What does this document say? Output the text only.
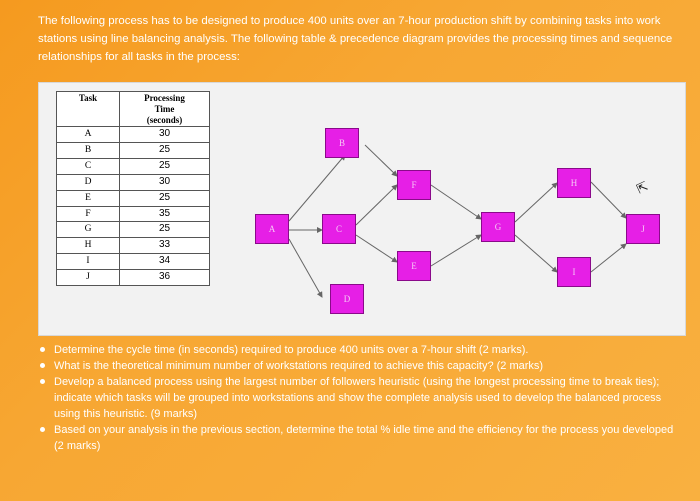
The following process has to be designed to produce 400 units over an 7-hour production shift by combining tasks into work stations using line balancing analysis. The following table & precedence diagram provides the processing times and sequence relationships for all tasks in the process:

Task	Processing
Time
(seconds)

A	30
B	25
C	25
D	30
E	25
F	35
G	25
H	33
I	34
J	36
A
B
C
D
E
F
G
H
I
J
⇱
Determine the cycle time (in seconds) required to produce 400 units over a 7-hour shift (2 marks).
What is the theoretical minimum number of workstations required to achieve this capacity? (2 marks)
Develop a balanced process using the largest number of followers heuristic (using the longest processing time to break ties); indicate which tasks will be grouped into workstations and show the complete analysis used to develop the balanced process using this heuristic. (9 marks)
Based on your analysis in the previous section, determine the total % idle time and the efficiency for the process you developed (2 marks)
